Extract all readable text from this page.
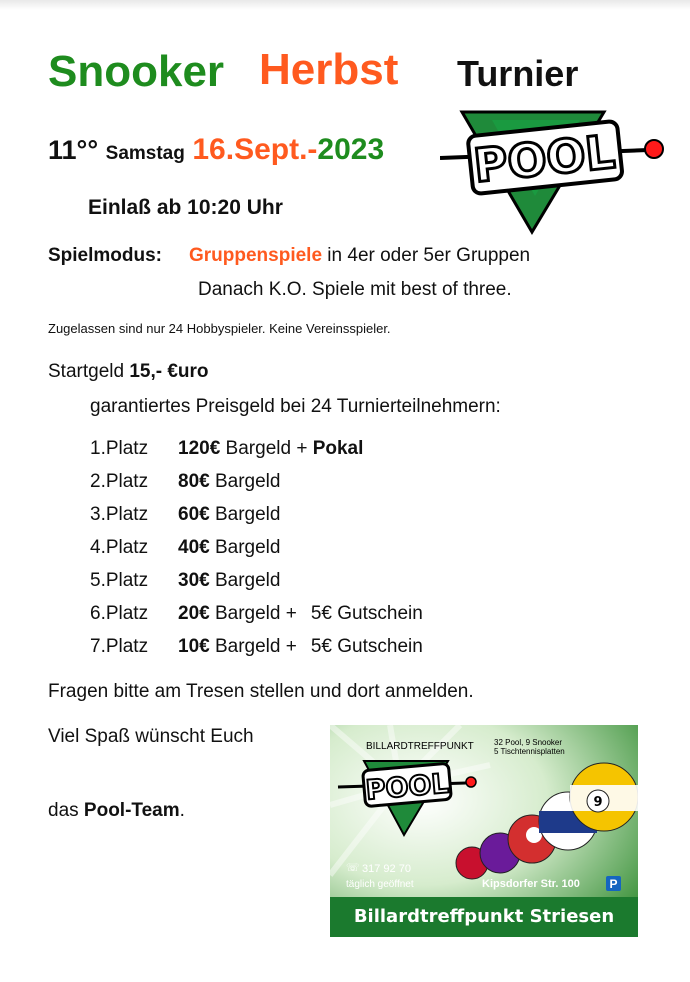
Snooker Herbst Turnier
11°° Samstag 16.Sept.-2023 POOL
Einlaß ab 10:20 Uhr
Spielmodus: Gruppenspiele in 4er oder 5er Gruppen
Danach K.O. Spiele mit best of three.
Zugelassen sind nur 24 Hobbyspieler. Keine Vereinsspieler.
Startgeld 15,- €uro
garantiertes Preisgeld bei 24 Turnierteilnehmern:
1.Platz 120€ Bargeld + Pokal
2.Platz 80€ Bargeld
3.Platz 60€ Bargeld
4.Platz 40€ Bargeld
5.Platz 30€ Bargeld
6.Platz 20€ Bargeld + 5€ Gutschein
7.Platz 10€ Bargeld + 5€ Gutschein
Fragen bitte am Tresen stellen und dort anmelden.
Viel Spaß wünscht Euch
das Pool-Team.
BILLARDTREFFPUNKT	32 Pool, 9 Snooker
5 Tischtennisplatten
POOL	9
☏ 317 92 70
täglich geöffnet	Kipsdorfer Str. 100 P
Billardtreffpunkt Striesen
